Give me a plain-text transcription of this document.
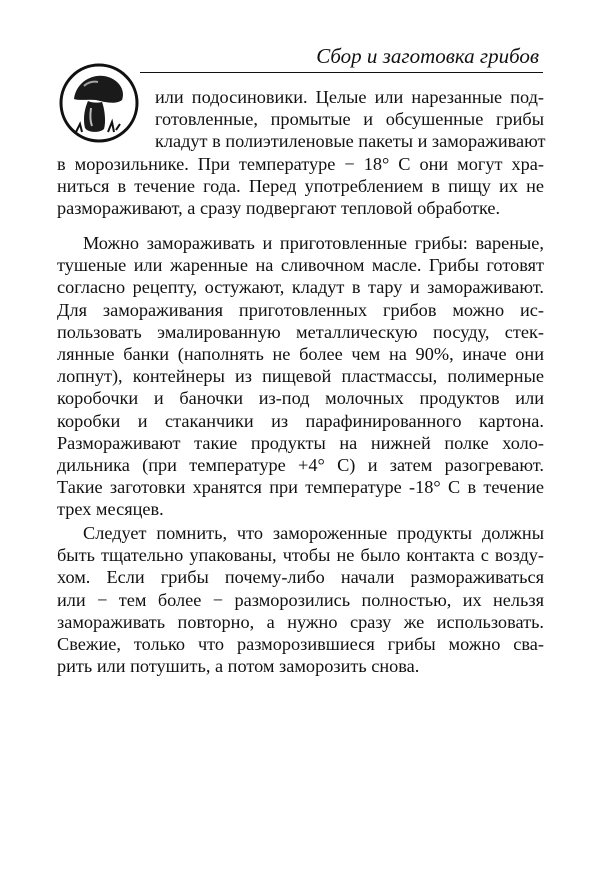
Сбор и заготовка грибов
или подосиновики. Целые или нарезанные под-
готовленные, промытые и обсушенные грибы
кладут в полиэтиленовые пакеты и замораживают
в морозильнике. При температуре − 18° С они могут хра-
ниться в течение года. Перед употреблением в пищу их не
размораживают, а сразу подвергают тепловой обработке.
Можно замораживать и приготовленные грибы: вареные,
тушеные или жаренные на сливочном масле. Грибы готовят
согласно рецепту, остужают, кладут в тару и замораживают.
Для замораживания приготовленных грибов можно ис-
пользовать эмалированную металлическую посуду, стек-
лянные банки (наполнять не более чем на 90%, иначе они
лопнут), контейнеры из пищевой пластмассы, полимерные
коробочки и баночки из-под молочных продуктов или
коробки и стаканчики из парафинированного картона.
Размораживают такие продукты на нижней полке холо-
дильника (при температуре +4° С) и затем разогревают.
Такие заготовки хранятся при температуре -18° С в течение
трех месяцев.
Следует помнить, что замороженные продукты должны
быть тщательно упакованы, чтобы не было контакта с возду-
хом. Если грибы почему-либо начали размораживаться
или − тем более − разморозились полностью, их нельзя
замораживать повторно, а нужно сразу же использовать.
Свежие, только что разморозившиеся грибы можно сва-
рить или потушить, а потом заморозить снова.
